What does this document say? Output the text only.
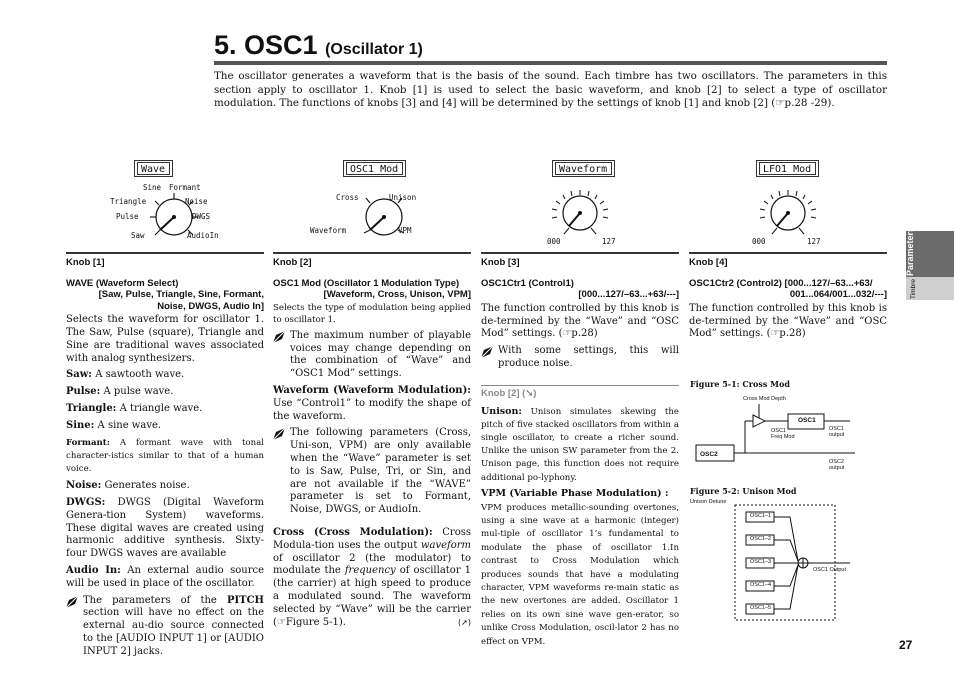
5. OSC1 (Oscillator 1)
The oscillator generates a waveform that is the basis of the sound. Each timbre has two oscillators. The parameters in this section apply to oscillator 1. Knob [1] is used to select the basic waveform, and knob [2] to select a type of oscillator modulation. The functions of knobs [3] and [4] will be determined by the settings of knob [1] and knob [2] (☞p.28 -29).
Wave
Sine Formant
Triangle	Noise
Pulse	DWGS
Saw	AudioIn
OSC1 Mod
Cross	Unison
Waveform	VPM
Waveform
000	127
LFO1 Mod
000	127
Knob [1]
WAVE (Waveform Select)
[Saw, Pulse, Triangle, Sine, Formant,
Noise, DWGS, Audio In]

Selects the waveform for oscillator 1. The Saw, Pulse (square), Triangle and Sine are traditional waves associated with analog synthesizers.

Saw: A sawtooth wave.

Pulse: A pulse wave.

Triangle: A triangle wave.

Sine: A sine wave.

Formant: A formant wave with tonal character-istics similar to that of a human voice.

Noise: Generates noise.

DWGS: DWGS (Digital Waveform Genera-tion System) waveforms. These digital waves are created using harmonic additive synthesis. Sixty-four DWGS waves are available

Audio In: An external audio source will be used in place of the oscillator.

The parameters of the PITCH section will have no effect on the external au-dio source connected to the [AUDIO INPUT 1] or [AUDIO INPUT 2] jacks.
Knob [2]
OSC1 Mod (Oscillator 1 Modulation Type)
[Waveform, Cross, Unison, VPM]

Selects the type of modulation being applied to oscillator 1.

The maximum number of playable voices may change depending on the combination of “Wave” and “OSC1 Mod” settings.

Waveform (Waveform Modulation): Use “Control1” to modify the shape of the waveform.

The following parameters (Cross, Uni-son, VPM) are only available when the “Wave” parameter is set to is Saw, Pulse, Tri, or Sin, and are not available if the “WAVE” parameter is set to Formant, Noise, DWGS, or AudioIn.

Cross (Cross Modulation): Cross Modula-tion uses the output waveform of oscillator 2 (the modulator) to modulate the frequency of oscillator 1 (the carrier) at high speed to produce a modulated sound. The waveform selected by “Wave” will be the carrier (☞Figure 5-1).	(➚)

Knob [3]
OSC1Ctr1 (Control1)
[000...127/–63...+63/---]

The function controlled by this knob is de-termined by the “Wave” and “OSC Mod” settings. (☞p.28)

With some settings, this will produce noise.
Knob [2] (➘)

Unison: Unison simulates skewing the pitch of five stacked oscillators from within a single oscillator, to create a richer sound. Unlike the unison SW parameter from the 2. Unison page, this function does not require additional po-lyphony.

VPM (Variable Phase Modulation) :

VPM produces metallic-sounding overtones, using a sine wave at a harmonic (integer) mul-tiple of oscillator 1’s fundamental to modulate the phase of oscillator 1.In contrast to Cross Modulation which produces sounds that have a modulating character, VPM waveforms re-main static as the new overtones are added. Oscillator 1 relies on its own sine wave gen-erator, so unlike Cross Modulation, oscil-lator 2 has no effect on VPM.

Knob [4]
OSC1Ctr2 (Control2) [000...127/–63...+63/
001...064/001...032/---]

The function controlled by this knob is de-termined by the “Wave” and “OSC Mod” settings. (☞p.28)

Figure 5-1: Cross Mod
Cross Mod Depth
OSC1
OSC1
Freq Mod
OSC1
output
OSC2
OSC2
output
Figure 5-2: Unison Mod
Unison Detune
OSC1–1
OSC1–2
OSC1–3
OSC1–4
OSC1–5
OSC1 Output
Parameters
Timbre
27
